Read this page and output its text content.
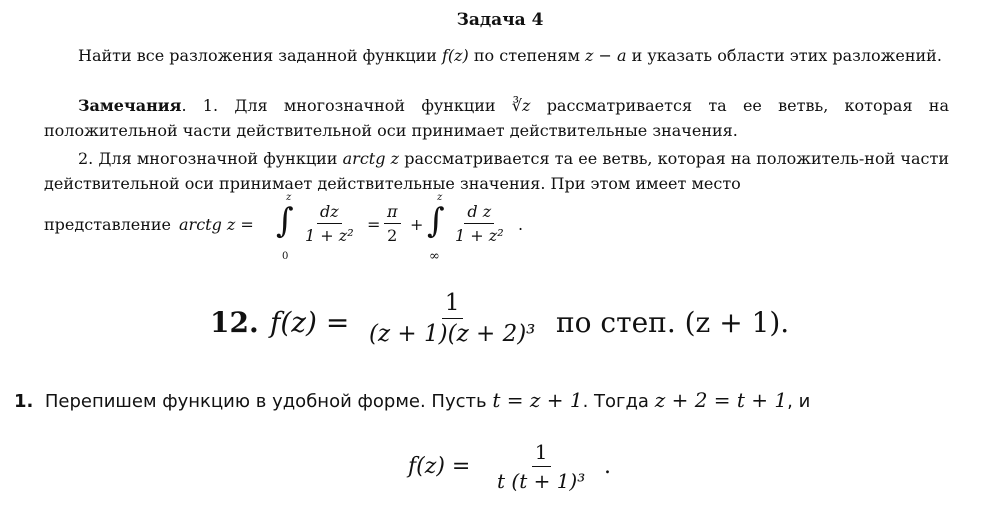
Задача 4
Найти все разложения заданной функции f(z) по степеням z − a и указать области этих разложений.
Замечания. 1. Для многозначной функции ∛z рассматривается та ее ветвь, которая на положительной части действительной оси принимает действительные значения.
2. Для многозначной функции arctg z рассматривается та ее ветвь, которая на положитель-ной части действительной оси принимает действительные значения. При этом имеет место
представление arctg z =
z
∫
0
$\frac{dz}{\text{1 + z²}} = \frac{\pi}{2}$ +
z
∫
∞
$\frac{\text{d z}}{\text{1 + z²}}$ .
12. $f(z) = \frac{1}{\text{(z + 1)(z + 2)³}}$ по степ. (z + 1).
1. Перепишем функцию в удобной форме. Пусть t = z + 1. Тогда z + 2 = t + 1, и
$f(z) = \frac{1}{\text{t (t + 1)³}}$ .
